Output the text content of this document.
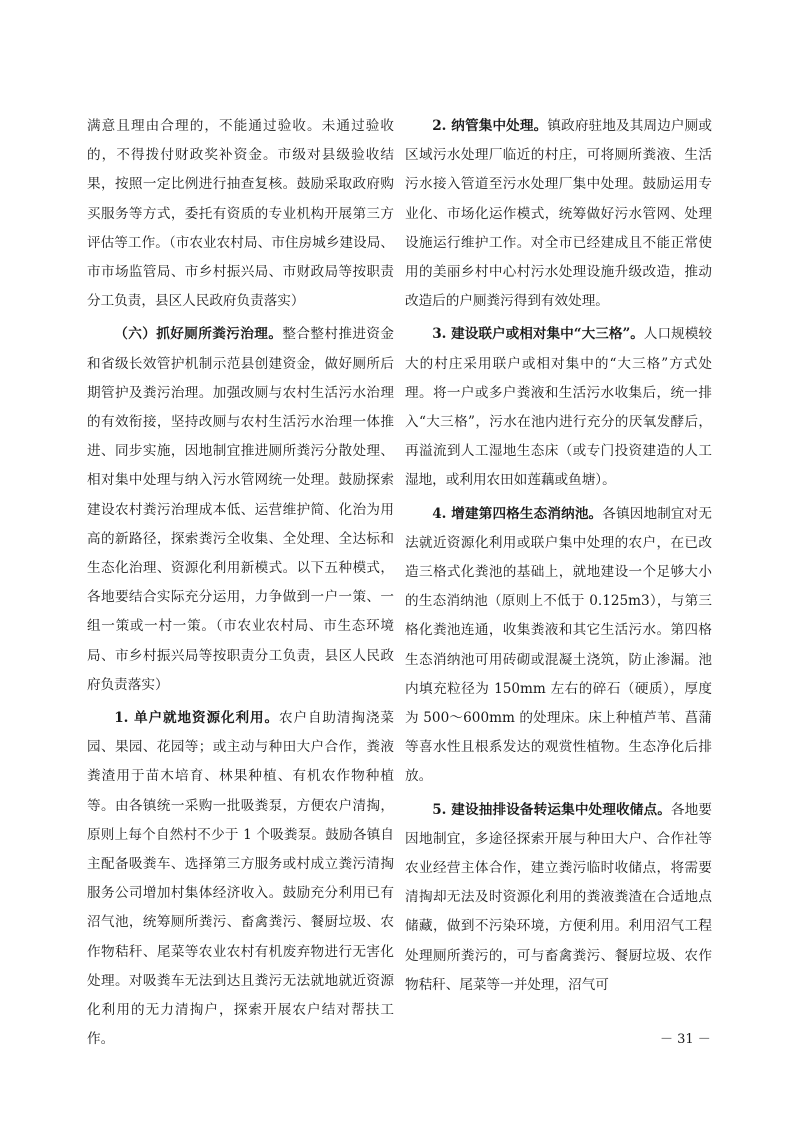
满意且理由合理的，不能通过验收。未通过验收的，不得拨付财政奖补资金。市级对县级验收结果，按照一定比例进行抽查复核。鼓励采取政府购买服务等方式，委托有资质的专业机构开展第三方评估等工作。（市农业农村局、市住房城乡建设局、市市场监管局、市乡村振兴局、市财政局等按职责分工负责，县区人民政府负责落实）

（六）抓好厕所粪污治理。整合整村推进资金和省级长效管护机制示范县创建资金，做好厕所后期管护及粪污治理。加强改厕与农村生活污水治理的有效衔接，坚持改厕与农村生活污水治理一体推进、同步实施，因地制宜推进厕所粪污分散处理、相对集中处理与纳入污水管网统一处理。鼓励探索建设农村粪污治理成本低、运营维护简、化治为用高的新路径，探索粪污全收集、全处理、全达标和生态化治理、资源化利用新模式。以下五种模式，各地要结合实际充分运用，力争做到一户一策、一组一策或一村一策。（市农业农村局、市生态环境局、市乡村振兴局等按职责分工负责，县区人民政府负责落实）

1. 单户就地资源化利用。农户自助清掏浇菜园、果园、花园等；或主动与种田大户合作，粪液粪渣用于苗木培育、林果种植、有机农作物种植等。由各镇统一采购一批吸粪泵，方便农户清掏，原则上每个自然村不少于 1 个吸粪泵。鼓励各镇自主配备吸粪车、选择第三方服务或村成立粪污清掏服务公司增加村集体经济收入。鼓励充分利用已有沼气池，统筹厕所粪污、畜禽粪污、餐厨垃圾、农作物秸秆、尾菜等农业农村有机废弃物进行无害化处理。对吸粪车无法到达且粪污无法就地就近资源化利用的无力清掏户，探索开展农户结对帮扶工作。

2. 纳管集中处理。镇政府驻地及其周边户厕或区域污水处理厂临近的村庄，可将厕所粪液、生活污水接入管道至污水处理厂集中处理。鼓励运用专业化、市场化运作模式，统筹做好污水管网、处理设施运行维护工作。对全市已经建成且不能正常使用的美丽乡村中心村污水处理设施升级改造，推动改造后的户厕粪污得到有效处理。

3. 建设联户或相对集中“大三格”。人口规模较大的村庄采用联户或相对集中的“大三格”方式处理。将一户或多户粪液和生活污水收集后，统一排入“大三格”，污水在池内进行充分的厌氧发酵后，再溢流到人工湿地生态床（或专门投资建造的人工湿地，或利用农田如莲藕或鱼塘）。

4. 增建第四格生态消纳池。各镇因地制宜对无法就近资源化利用或联户集中处理的农户，在已改造三格式化粪池的基础上，就地建设一个足够大小的生态消纳池（原则上不低于 0.125m3），与第三格化粪池连通，收集粪液和其它生活污水。第四格生态消纳池可用砖砌或混凝土浇筑，防止渗漏。池内填充粒径为 150mm 左右的碎石（硬质），厚度为 500～600mm 的处理床。床上种植芦苇、菖蒲等喜水性且根系发达的观赏性植物。生态净化后排放。

5. 建设抽排设备转运集中处理收储点。各地要因地制宜，多途径探索开展与种田大户、合作社等农业经营主体合作，建立粪污临时收储点，将需要清掏却无法及时资源化利用的粪液粪渣在合适地点储藏，做到不污染环境，方便利用。利用沼气工程处理厕所粪污的，可与畜禽粪污、餐厨垃圾、农作物秸秆、尾菜等一并处理，沼气可

－ 31 －
